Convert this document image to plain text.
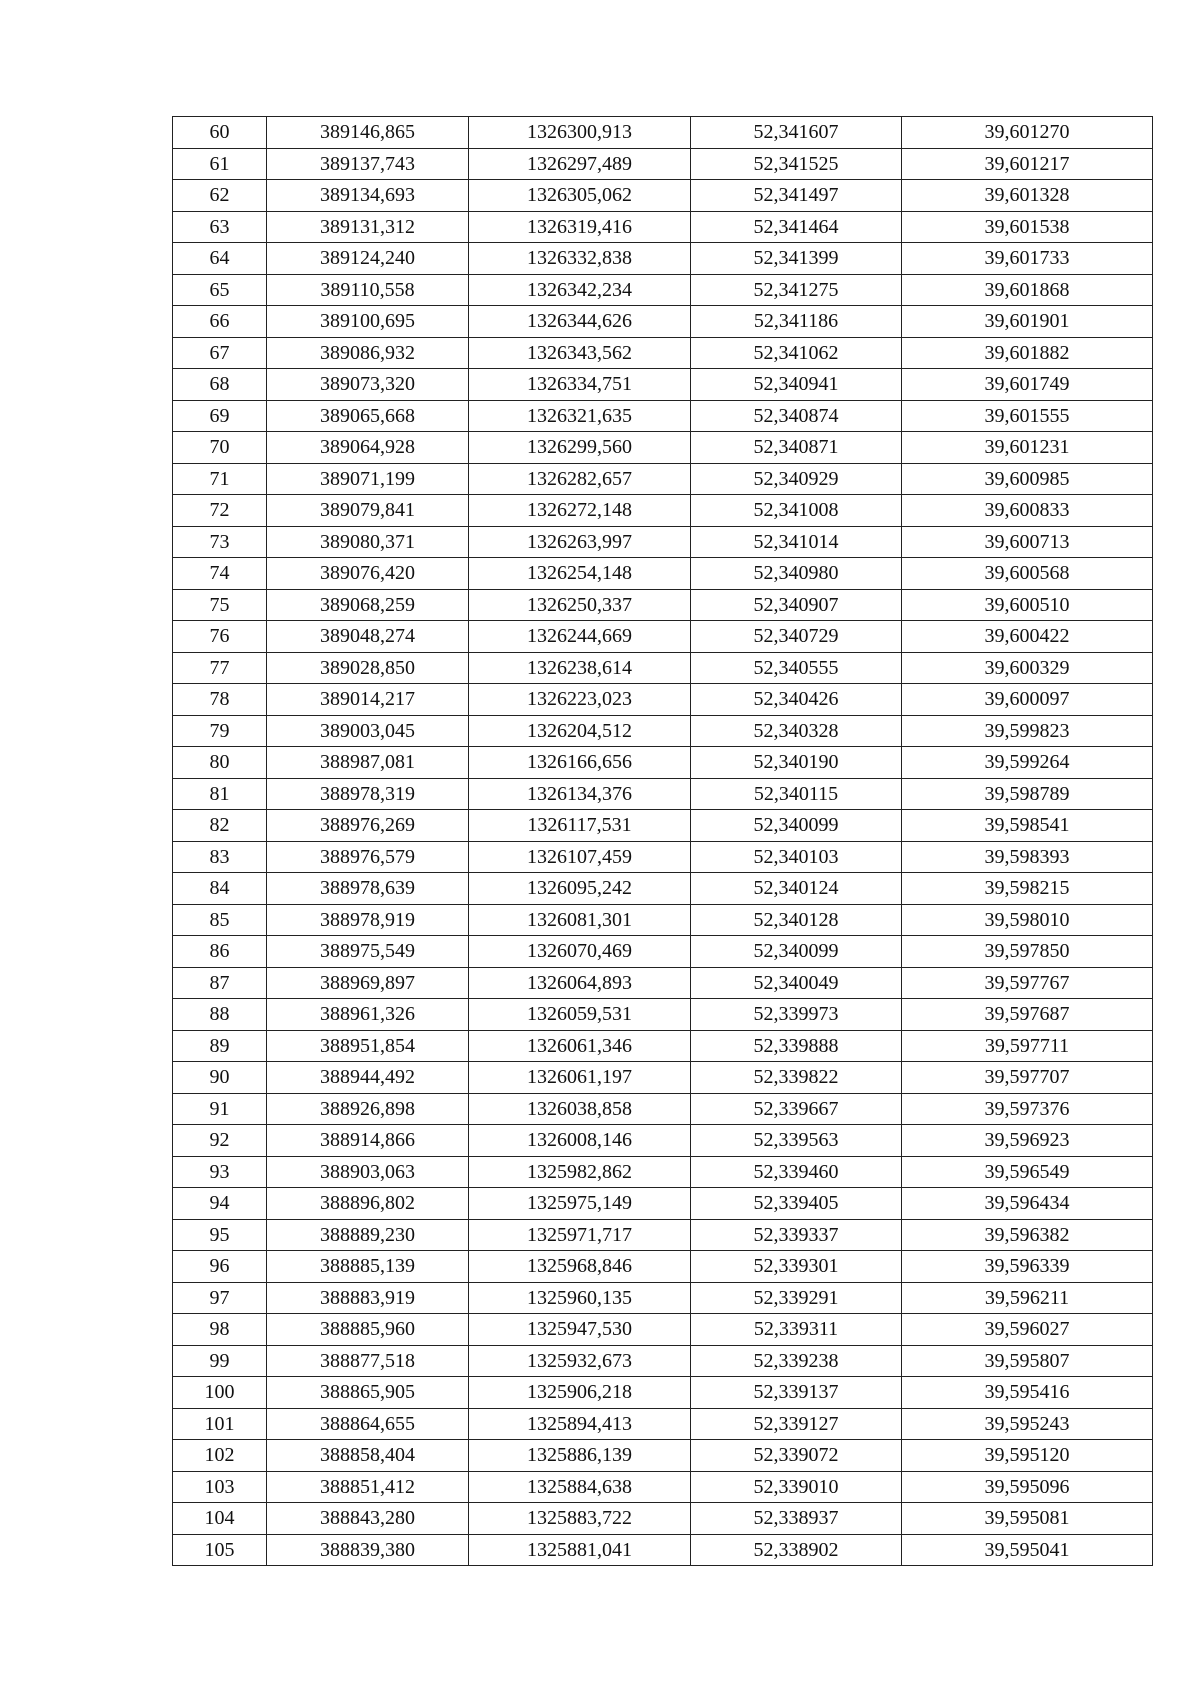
60	389146,865	1326300,913	52,341607	39,601270
61	389137,743	1326297,489	52,341525	39,601217
62	389134,693	1326305,062	52,341497	39,601328
63	389131,312	1326319,416	52,341464	39,601538
64	389124,240	1326332,838	52,341399	39,601733
65	389110,558	1326342,234	52,341275	39,601868
66	389100,695	1326344,626	52,341186	39,601901
67	389086,932	1326343,562	52,341062	39,601882
68	389073,320	1326334,751	52,340941	39,601749
69	389065,668	1326321,635	52,340874	39,601555
70	389064,928	1326299,560	52,340871	39,601231
71	389071,199	1326282,657	52,340929	39,600985
72	389079,841	1326272,148	52,341008	39,600833
73	389080,371	1326263,997	52,341014	39,600713
74	389076,420	1326254,148	52,340980	39,600568
75	389068,259	1326250,337	52,340907	39,600510
76	389048,274	1326244,669	52,340729	39,600422
77	389028,850	1326238,614	52,340555	39,600329
78	389014,217	1326223,023	52,340426	39,600097
79	389003,045	1326204,512	52,340328	39,599823
80	388987,081	1326166,656	52,340190	39,599264
81	388978,319	1326134,376	52,340115	39,598789
82	388976,269	1326117,531	52,340099	39,598541
83	388976,579	1326107,459	52,340103	39,598393
84	388978,639	1326095,242	52,340124	39,598215
85	388978,919	1326081,301	52,340128	39,598010
86	388975,549	1326070,469	52,340099	39,597850
87	388969,897	1326064,893	52,340049	39,597767
88	388961,326	1326059,531	52,339973	39,597687
89	388951,854	1326061,346	52,339888	39,597711
90	388944,492	1326061,197	52,339822	39,597707
91	388926,898	1326038,858	52,339667	39,597376
92	388914,866	1326008,146	52,339563	39,596923
93	388903,063	1325982,862	52,339460	39,596549
94	388896,802	1325975,149	52,339405	39,596434
95	388889,230	1325971,717	52,339337	39,596382
96	388885,139	1325968,846	52,339301	39,596339
97	388883,919	1325960,135	52,339291	39,596211
98	388885,960	1325947,530	52,339311	39,596027
99	388877,518	1325932,673	52,339238	39,595807
100	388865,905	1325906,218	52,339137	39,595416
101	388864,655	1325894,413	52,339127	39,595243
102	388858,404	1325886,139	52,339072	39,595120
103	388851,412	1325884,638	52,339010	39,595096
104	388843,280	1325883,722	52,338937	39,595081
105	388839,380	1325881,041	52,338902	39,595041
